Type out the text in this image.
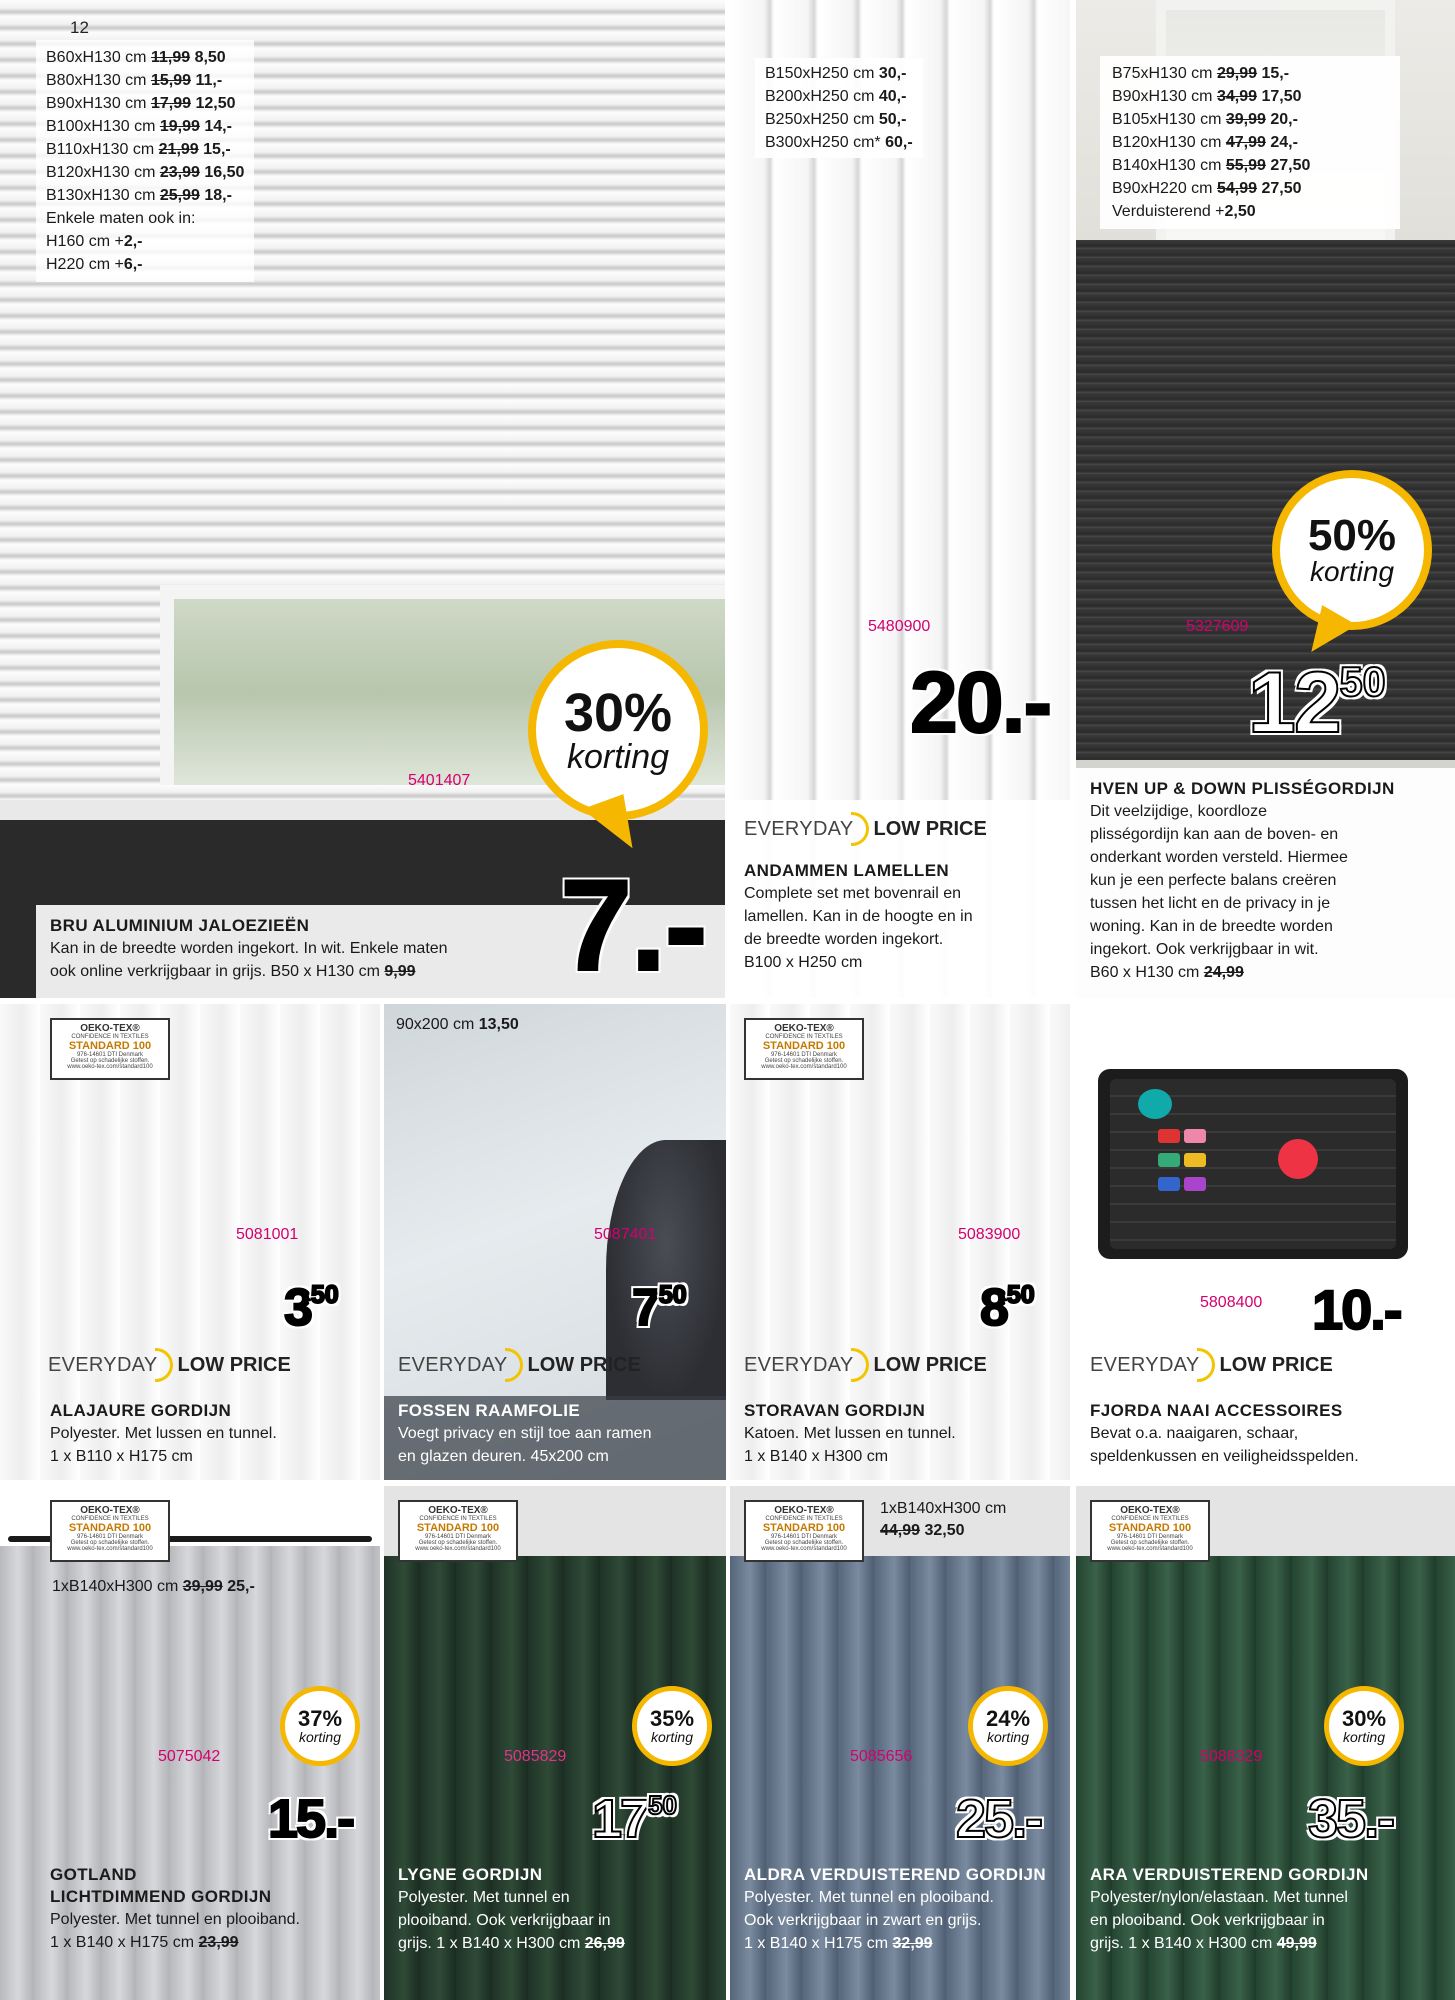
12
B60xH130 cm 11,99 8,50
B80xH130 cm 15,99 11,-
B90xH130 cm 17,99 12,50
B100xH130 cm 19,99 14,-
B110xH130 cm 21,99 15,-
B120xH130 cm 23,99 16,50
B130xH130 cm 25,99 18,-
Enkele maten ook in:
H160 cm +2,-
H220 cm +6,-
5401407
30%
korting
BRU ALUMINIUM JALOEZIEËN
Kan in de breedte worden ingekort. In wit. Enkele maten
ook online verkrijgbaar in grijs. B50 x H130 cm 9,99	7.-
B150xH250 cm 30,-
B200xH250 cm 40,-
B250xH250 cm 50,-
B300xH250 cm* 60,-
5480900
20.-
EVERYDAY LOW PRICE
ANDAMMEN LAMELLEN
Complete set met bovenrail en
lamellen. Kan in de hoogte en in
de breedte worden ingekort.
B100 x H250 cm
B75xH130 cm 29,99 15,-
B90xH130 cm 34,99 17,50
B105xH130 cm 39,99 20,-
B120xH130 cm 47,99 24,-
B140xH130 cm 55,99 27,50
B90xH220 cm 54,99 27,50
Verduisterend +2,50
50%
korting
5327609
$12^{50}$
HVEN UP & DOWN PLISSÉGORDIJN
Dit veelzijdige, koordloze
plisségordijn kan aan de boven- en
onderkant worden versteld. Hiermee
kun je een perfecte balans creëren
tussen het licht en de privacy in je
woning. Kan in de breedte worden
ingekort. Ook verkrijgbaar in wit.
B60 x H130 cm 24,99
OEKO-TEX®
CONFIDENCE IN TEXTILES
STANDARD 100
976-14601 DTI Denmark
Getest op schadelijke stoffen.
www.oeko-tex.com/standard100
5081001
$3^{50}$
EVERYDAY LOW PRICE
ALAJAURE GORDIJN
Polyester. Met lussen en tunnel.
1 x B110 x H175 cm
90x200 cm 13,50
5087401
$7^{50}$
EVERYDAY LOW PRICE
FOSSEN RAAMFOLIE
Voegt privacy en stijl toe aan ramen
en glazen deuren. 45x200 cm
OEKO-TEX®
CONFIDENCE IN TEXTILES
STANDARD 100
976-14601 DTI Denmark
Getest op schadelijke stoffen.
www.oeko-tex.com/standard100
5083900
$8^{50}$
EVERYDAY LOW PRICE
STORAVAN GORDIJN
Katoen. Met lussen en tunnel.
1 x B140 x H300 cm
5808400 10.-
EVERYDAY LOW PRICE
FJORDA NAAI ACCESSOIRES
Bevat o.a. naaigaren, schaar,
speldenkussen en veiligheidsspelden.
OEKO-TEX®
CONFIDENCE IN TEXTILES
STANDARD 100
976-14601 DTI Denmark
Getest op schadelijke stoffen.
www.oeko-tex.com/standard100
1xB140xH300 cm 39,99 25,-
5075042
37%
korting
15.-
GOTLAND
LICHTDIMMEND GORDIJN
Polyester. Met tunnel en plooiband.
1 x B140 x H175 cm 23,99
OEKO-TEX®
CONFIDENCE IN TEXTILES
STANDARD 100
976-14601 DTI Denmark
Getest op schadelijke stoffen.
www.oeko-tex.com/standard100
5085829
35%
korting
$17^{50}$
LYGNE GORDIJN
Polyester. Met tunnel en
plooiband. Ook verkrijgbaar in
grijs. 1 x B140 x H300 cm 26,99
OEKO-TEX®
CONFIDENCE IN TEXTILES
STANDARD 100
976-14601 DTI Denmark
Getest op schadelijke stoffen.
www.oeko-tex.com/standard100
1xB140xH300 cm
44,99 32,50
5085656
24%
korting
25.-
ALDRA VERDUISTEREND GORDIJN
Polyester. Met tunnel en plooiband.
Ook verkrijgbaar in zwart en grijs.
1 x B140 x H175 cm 32,99
OEKO-TEX®
CONFIDENCE IN TEXTILES
STANDARD 100
976-14601 DTI Denmark
Getest op schadelijke stoffen.
www.oeko-tex.com/standard100
5088329
30%
korting
35.-
ARA VERDUISTEREND GORDIJN
Polyester/nylon/elastaan. Met tunnel
en plooiband. Ook verkrijgbaar in
grijs. 1 x B140 x H300 cm 49,99
